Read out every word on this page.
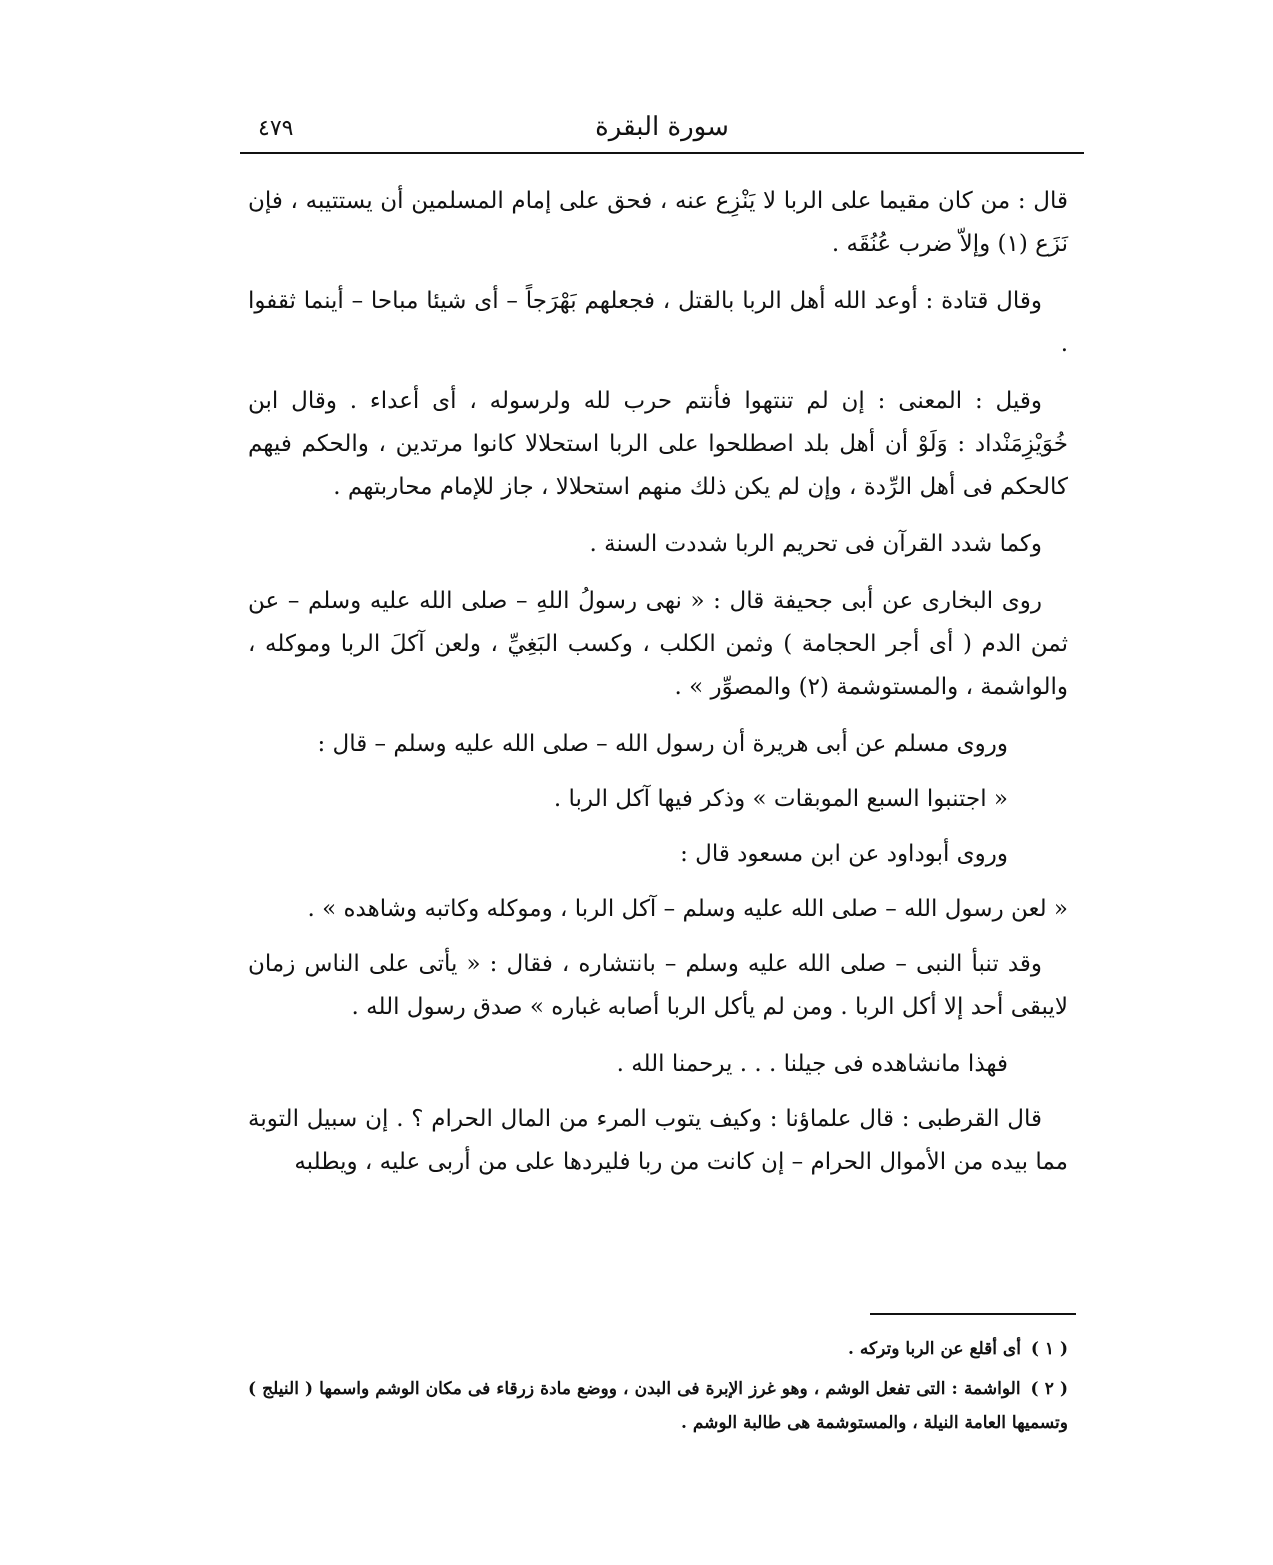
سورة البقرة
٤٧٩

قال : من كان مقيما على الربا لا يَنْزِع عنه ، فحق على إمام المسلمين أن يستتيبه ، فإن نَزَع (١) وإلاّ ضرب عُنُقَه .

وقال قتادة : أوعد الله أهل الربا بالقتل ، فجعلهم بَهْرَجاً – أى شيئا مباحا – أينما ثقفوا .

وقيل : المعنى : إن لم تنتهوا فأنتم حرب لله ولرسوله ، أى أعداء . وقال ابن خُوَيْزِمَنْداد : وَلَوْ أن أهل بلد اصطلحوا على الربا استحلالا كانوا مرتدين ، والحكم فيهم كالحكم فى أهل الرِّدة ، وإن لم يكن ذلك منهم استحلالا ، جاز للإمام محاربتهم .

وكما شدد القرآن فى تحريم الربا شددت السنة .

روى البخارى عن أبى جحيفة قال : « نهى رسولُ اللهِ – صلى الله عليه وسلم – عن ثمن الدم ( أى أجر الحجامة ) وثمن الكلب ، وكسب البَغِيِّ ، ولعن آكلَ الربا وموكله ، والواشمة ، والمستوشمة (٢) والمصوِّر » .

وروى مسلم عن أبى هريرة أن رسول الله – صلى الله عليه وسلم – قال :

« اجتنبوا السبع الموبقات » وذكر فيها آكل الربا .

وروى أبوداود عن ابن مسعود قال :

« لعن رسول الله – صلى الله عليه وسلم – آكل الربا ، وموكله وكاتبه وشاهده » .

وقد تنبأ النبى – صلى الله عليه وسلم – بانتشاره ، فقال : « يأتى على الناس زمان لايبقى أحد إلا أكل الربا . ومن لم يأكل الربا أصابه غباره » صدق رسول الله .

فهذا مانشاهده فى جيلنا . . . يرحمنا الله .

قال القرطبى : قال علماؤنا : وكيف يتوب المرء من المال الحرام ؟ . إن سبيل التوبة مما بيده من الأموال الحرام – إن كانت من ربا فليردها على من أربى عليه ، ويطلبه

( ١ )أى أقلع عن الربا وتركه .

( ٢ )الواشمة : التى تفعل الوشم ، وهو غرز الإبرة فى البدن ، ووضع مادة زرقاء فى مكان الوشم واسمها ( النيلج ) وتسميها العامة النيلة ، والمستوشمة هى طالبة الوشم .
